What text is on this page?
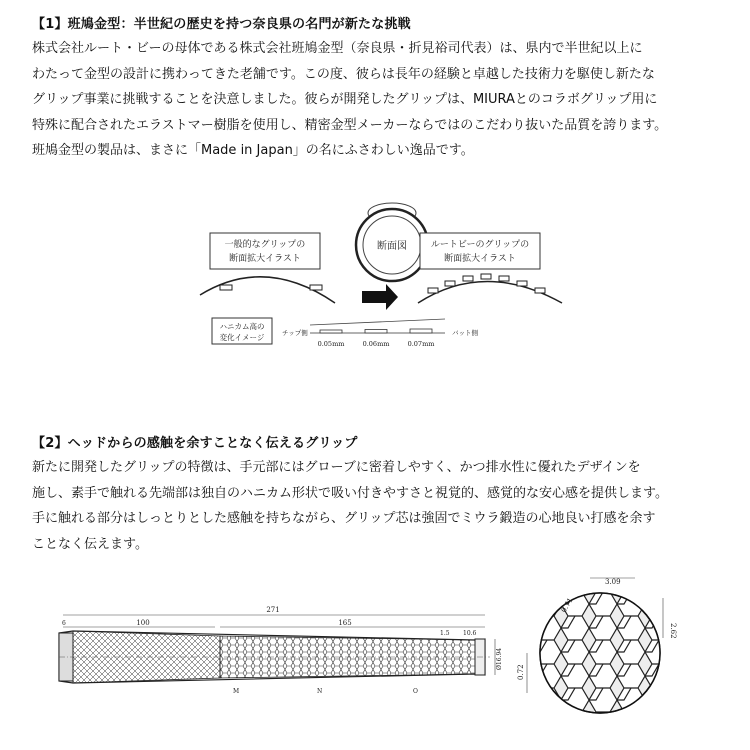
【1】班鳩金型：半世紀の歴史を持つ奈良県の名門が新たな挑戦
株式会社ルート・ビーの母体である株式会社班鳩金型（奈良県・折見裕司代表）は、県内で半世紀以上に
わたって金型の設計に携わってきた老舗です。この度、彼らは長年の経験と卓越した技術力を駆使し新たな
グリップ事業に挑戦することを決意しました。彼らが開発したグリップは、MIURAとのコラボグリップ用に
特殊に配合されたエラストマー樹脂を使用し、精密金型メーカーならではのこだわり抜いた品質を誇ります。
班鳩金型の製品は、まさに「Made in Japan」の名にふさわしい逸品です。
一般的なグリップの
断面拡大イラスト
断面図	ルートビーのグリップの
断面拡大イラスト
ハニカム高の
変化イメージ	チップ側	バット側
0.05mm	0.06mm	0.07mm
【2】ヘッドからの感触を余すことなく伝えるグリップ
新たに開発したグリップの特徴は、手元部にはグローブに密着しやすく、かつ排水性に優れたデザインを
施し、素手で触れる先端部は独自のハニカム形状で吸い付きやすさと視覚的、感覚的な安心感を提供します。
手に触れる部分はしっとりとした感触を持ちながら、グリップ芯は強固でミウラ鍛造の心地良い打感を余す
ことなく伝えます。
271
100	165
6
1.5 10.6
Ø16.94
M	N	O
3.09
0.71
2.62
0.72
